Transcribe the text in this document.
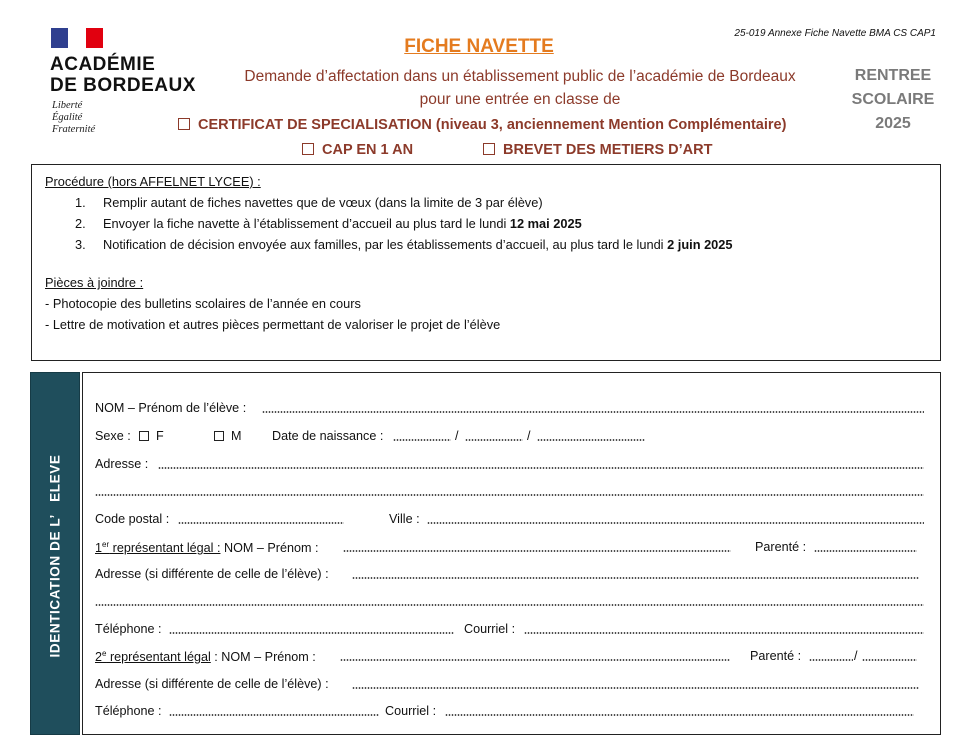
ACADÉMIE
DE BORDEAUX
Liberté
Égalité
Fraternité
25-019 Annexe Fiche Navette BMA CS CAP1
FICHE NAVETTE
Demande d’affectation dans un établissement public de l’académie de Bordeaux
pour une entrée en classe de
RENTREE
SCOLAIRE
2025
CERTIFICAT DE SPECIALISATION (niveau 3, anciennement Mention Complémentaire)
CAP EN 1 AN	BREVET DES METIERS D’ART
Procédure (hors AFFELNET LYCEE) :
1. Remplir autant de fiches navettes que de vœux (dans la limite de 3 par élève)
2. Envoyer la fiche navette à l’établissement d’accueil au plus tard le lundi 12 mai 2025
3. Notification de décision envoyée aux familles, par les établissements d’accueil, au plus tard le lundi 2 juin 2025
Pièces à joindre :
- Photocopie des bulletins scolaires de l’année en cours
- Lettre de motivation et autres pièces permettant de valoriser le projet de l’élève
IDENTICATION DE L’   ELEVE
NOM – Prénom de l’élève :
Sexe :	F	M Date de naissance :	/	/
Adresse :
Code postal :	Ville :
1er représentant légal : NOM – Prénom :	Parenté :
Adresse (si différente de celle de l’élève) :
Téléphone :	Courriel :
2e représentant légal : NOM – Prénom :	Parenté :	/
Adresse (si différente de celle de l’élève) :
Téléphone :	Courriel :
